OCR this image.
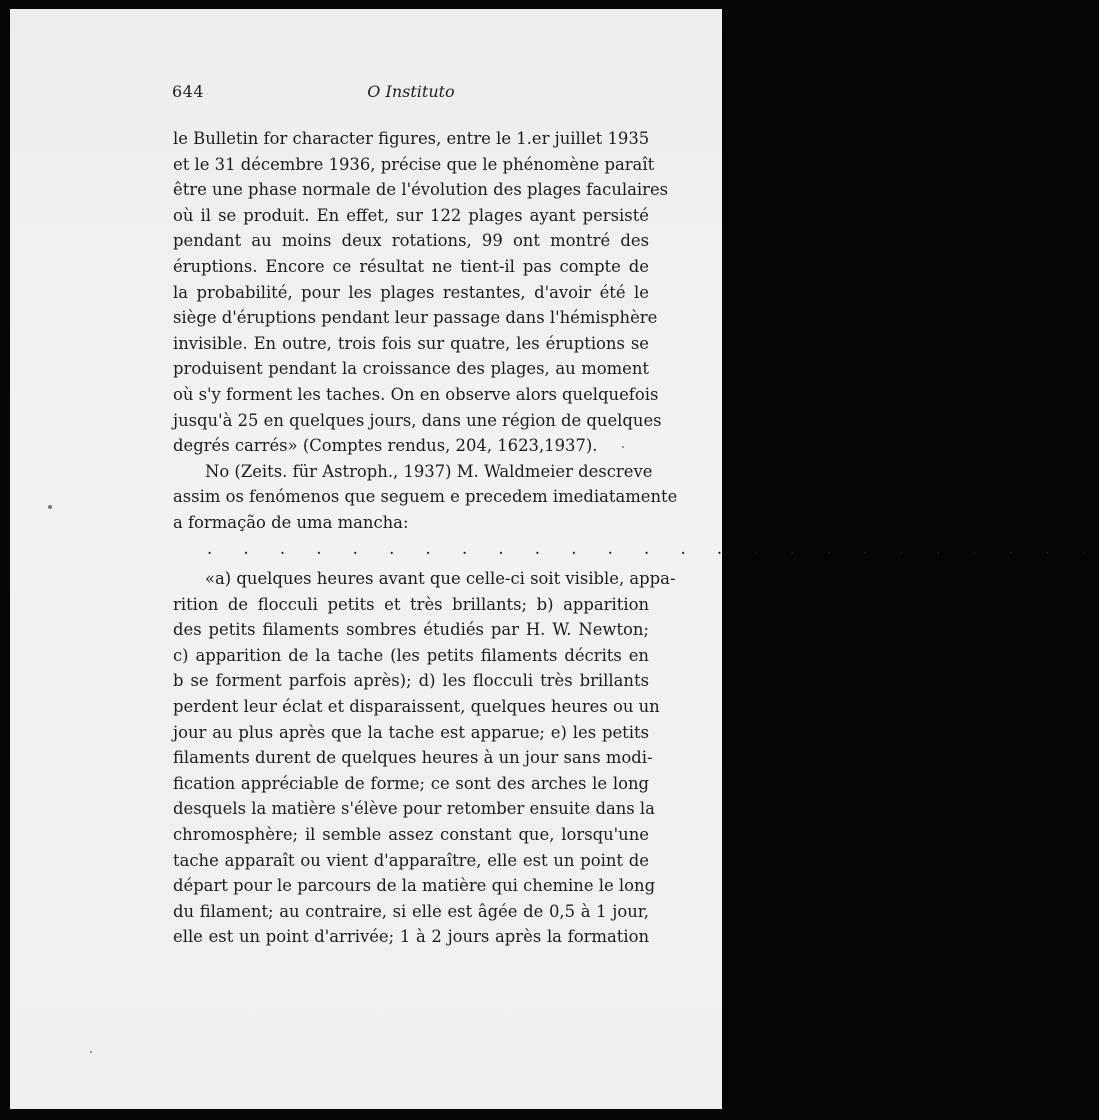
644	O Instituto
le Bulletin for character figures, entre le 1.er juillet 1935
et le 31 décembre 1936, précise que le phénomène paraît
être une phase normale de l'évolution des plages faculaires
où il se produit. En effet, sur 122 plages ayant persisté
pendant au moins deux rotations, 99 ont montré des
éruptions. Encore ce résultat ne tient-il pas compte de
la probabilité, pour les plages restantes, d'avoir été le
siège d'éruptions pendant leur passage dans l'hémisphère
invisible. En outre, trois fois sur quatre, les éruptions se
produisent pendant la croissance des plages, au moment
où s'y forment les taches. On en observe alors quelquefois
jusqu'à 25 en quelques jours, dans une région de quelques
degrés carrés» (Comptes rendus, 204, 1623,1937).
No (Zeits. für Astroph., 1937) M. Waldmeier descreve
assim os fenómenos que seguem e precedem imediatamente
a formação de uma mancha:
. . . . . . . . . . . . . . . . . . . . . . . . .
«a) quelques heures avant que celle-ci soit visible, appa-
rition de flocculi petits et très brillants; b) apparition
des petits filaments sombres étudiés par H. W. Newton;
c) apparition de la tache (les petits filaments décrits en
b se forment parfois après); d) les flocculi très brillants
perdent leur éclat et disparaissent, quelques heures ou un
jour au plus après que la tache est apparue; e) les petits
filaments durent de quelques heures à un jour sans modi-
fication appréciable de forme; ce sont des arches le long
desquels la matière s'élève pour retomber ensuite dans la
chromosphère; il semble assez constant que, lorsqu'une
tache apparaît ou vient d'apparaître, elle est un point de
départ pour le parcours de la matière qui chemine le long
du filament; au contraire, si elle est âgée de 0,5 à 1 jour,
elle est un point d'arrivée; 1 à 2 jours après la formation
